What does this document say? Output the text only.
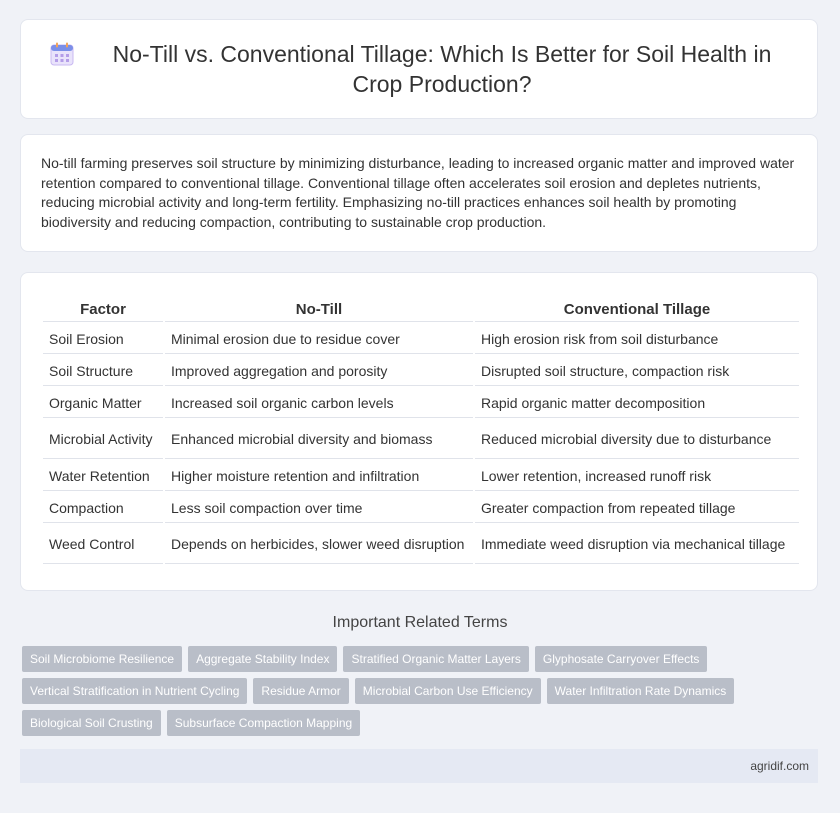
No-Till vs. Conventional Tillage: Which Is Better for Soil Health in Crop Production?

No-till farming preserves soil structure by minimizing disturbance, leading to increased organic matter and improved water retention compared to conventional tillage. Conventional tillage often accelerates soil erosion and depletes nutrients, reducing microbial activity and long-term fertility. Emphasizing no-till practices enhances soil health by promoting biodiversity and reducing compaction, contributing to sustainable crop production.

Factor	No-Till	Conventional Tillage
Soil Erosion	Minimal erosion due to residue cover	High erosion risk from soil disturbance
Soil Structure	Improved aggregation and porosity	Disrupted soil structure, compaction risk
Organic Matter	Increased soil organic carbon levels	Rapid organic matter decomposition
Microbial Activity	Enhanced microbial diversity and biomass	Reduced microbial diversity due to disturbance
Water Retention	Higher moisture retention and infiltration	Lower retention, increased runoff risk
Compaction	Less soil compaction over time	Greater compaction from repeated tillage
Weed Control	Depends on herbicides, slower weed disruption	Immediate weed disruption via mechanical tillage
Important Related Terms
Soil Microbiome Resilience	Aggregate Stability Index	Stratified Organic Matter Layers	Glyphosate Carryover Effects
Vertical Stratification in Nutrient Cycling	Residue Armor	Microbial Carbon Use Efficiency	Water Infiltration Rate Dynamics
Biological Soil Crusting	Subsurface Compaction Mapping
agridif.com
